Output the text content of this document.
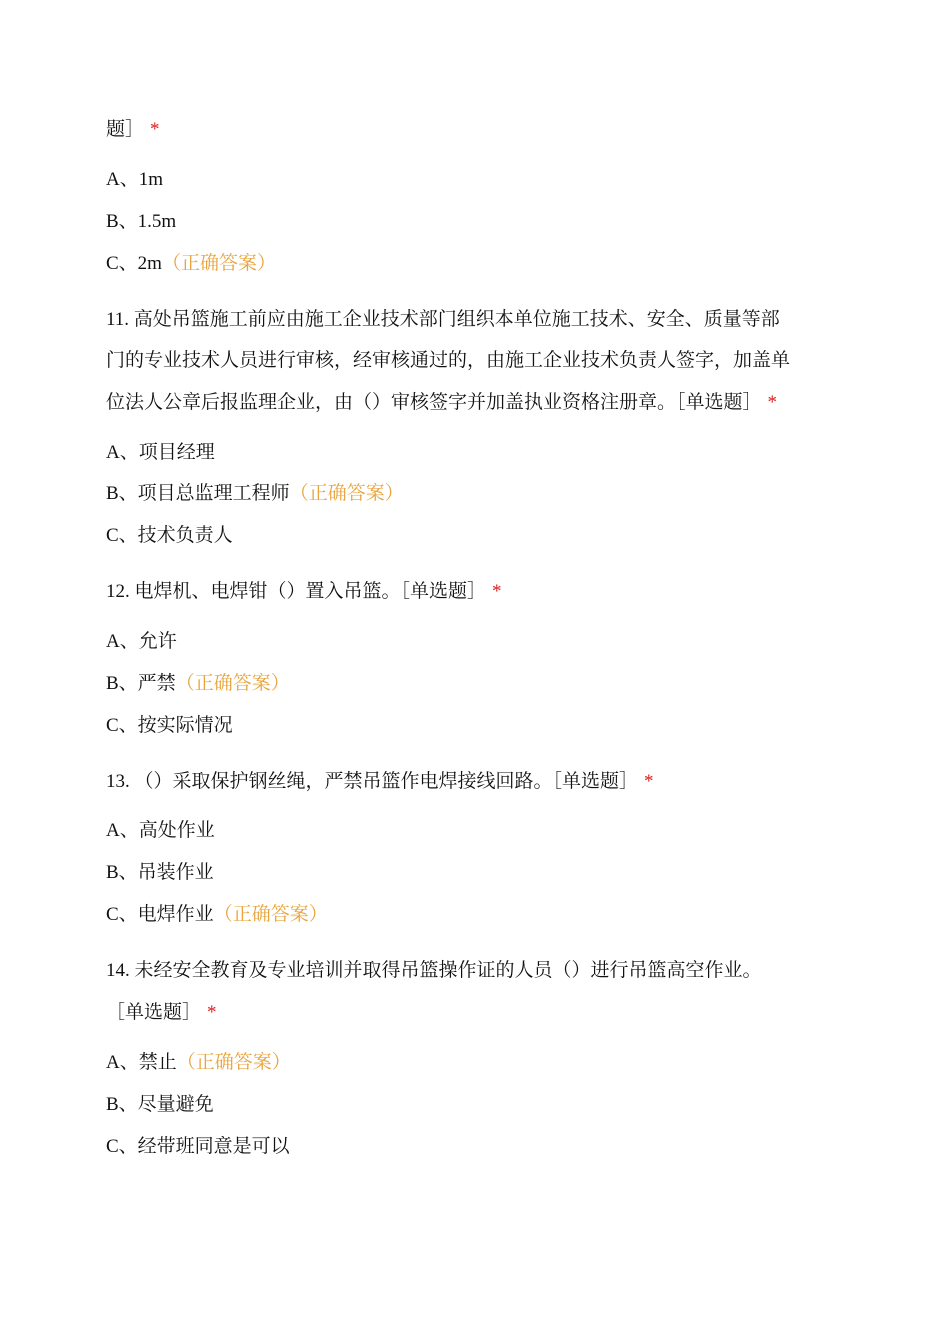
题］ *
A、1m
B、1.5m
C、2m（正确答案）
11. 高处吊篮施工前应由施工企业技术部门组织本单位施工技术、安全、质量等部
门的专业技术人员进行审核，经审核通过的，由施工企业技术负责人签字，加盖单
位法人公章后报监理企业，由（）审核签字并加盖执业资格注册章。［单选题］ *
A、项目经理
B、项目总监理工程师（正确答案）
C、技术负责人
12. 电焊机、电焊钳（）置入吊篮。［单选题］ *
A、允许
B、严禁（正确答案）
C、按实际情况
13. （）采取保护钢丝绳，严禁吊篮作电焊接线回路。［单选题］ *
A、高处作业
B、吊装作业
C、电焊作业（正确答案）
14. 未经安全教育及专业培训并取得吊篮操作证的人员（）进行吊篮高空作业。
［单选题］ *
A、禁止（正确答案）
B、尽量避免
C、经带班同意是可以
